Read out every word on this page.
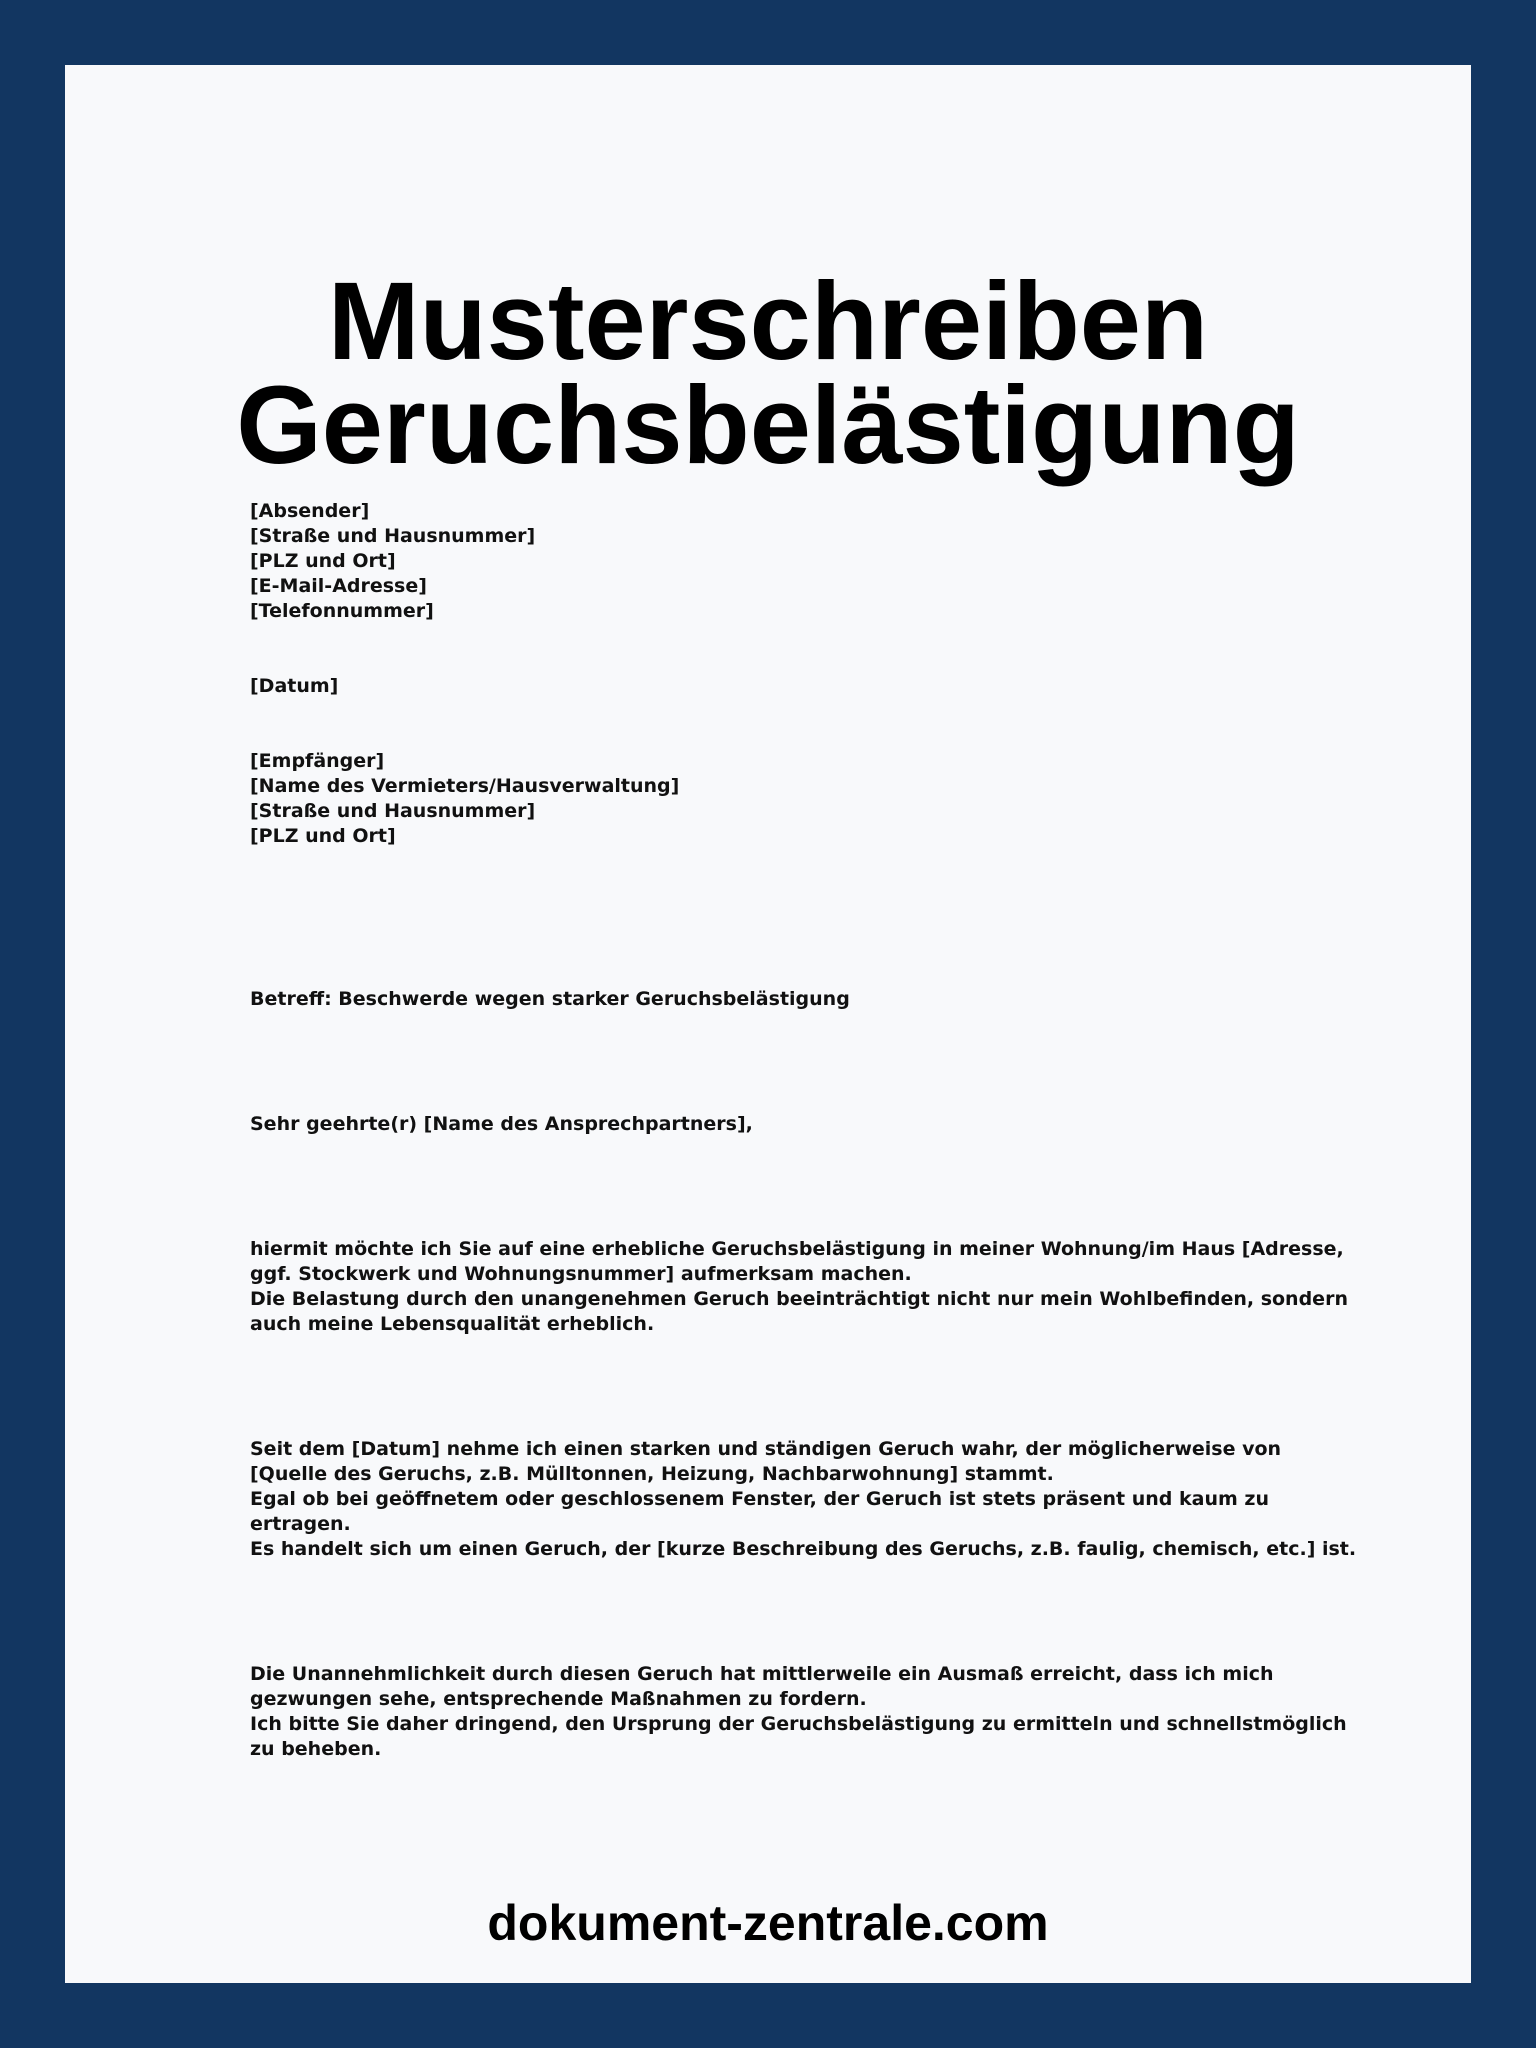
Musterschreiben
Geruchsbelästigung
[Absender]
[Straße und Hausnummer]
[PLZ und Ort]
[E-Mail-Adresse]
[Telefonnummer]
[Datum]
[Empfänger]
[Name des Vermieters/Hausverwaltung]
[Straße und Hausnummer]
[PLZ und Ort]
Betreff: Beschwerde wegen starker Geruchsbelästigung
Sehr geehrte(r) [Name des Ansprechpartners],

hiermit möchte ich Sie auf eine erhebliche Geruchsbelästigung in meiner Wohnung/im Haus [Adresse, ggf. Stockwerk und Wohnungsnummer] aufmerksam machen.

Die Belastung durch den unangenehmen Geruch beeinträchtigt nicht nur mein Wohlbefinden, sondern auch meine Lebensqualität erheblich.

Seit dem [Datum] nehme ich einen starken und ständigen Geruch wahr, der möglicherweise von [Quelle des Geruchs, z.B. Mülltonnen, Heizung, Nachbarwohnung] stammt.

Egal ob bei geöffnetem oder geschlossenem Fenster, der Geruch ist stets präsent und kaum zu ertragen.

Es handelt sich um einen Geruch, der [kurze Beschreibung des Geruchs, z.B. faulig, chemisch, etc.] ist.

Die Unannehmlichkeit durch diesen Geruch hat mittlerweile ein Ausmaß erreicht, dass ich mich gezwungen sehe, entsprechende Maßnahmen zu fordern.

Ich bitte Sie daher dringend, den Ursprung der Geruchsbelästigung zu ermitteln und schnellstmöglich zu beheben.

dokument-zentrale.com
